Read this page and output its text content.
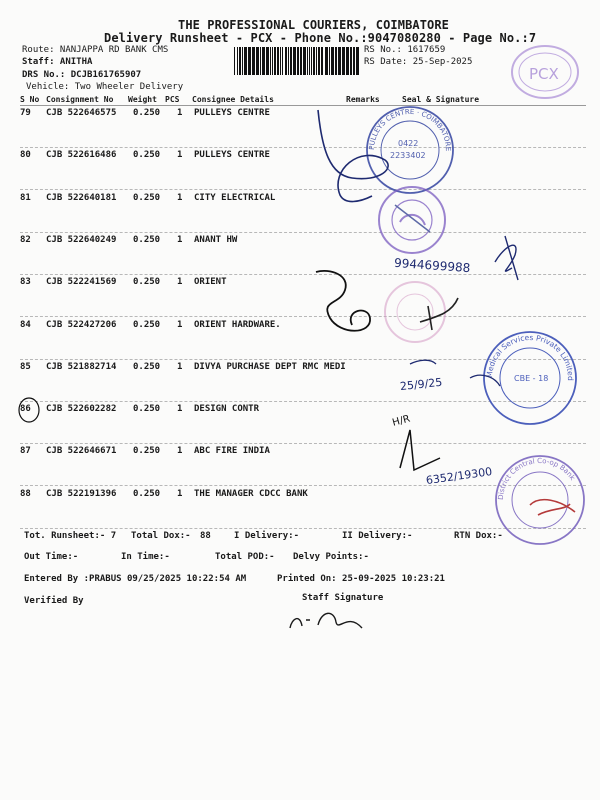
THE PROFESSIONAL COURIERS, COIMBATORE
Delivery Runsheet - PCX - Phone No.:9047080280 - Page No.:7
Route: NANJAPPA RD BANK CMS
Staff: ANITHA
DRS No.: DCJB161765907
Vehicle: Two Wheeler Delivery
RS No.: 1617659
RS Date: 25-Sep-2025
S No Consignment No Weight PCS Consignee Details	Remarks	Seal & Signature
79 CJB 522646575 0.250 1 PULLEYS CENTRE
80 CJB 522616486 0.250 1 PULLEYS CENTRE
81 CJB 522640181 0.250 1 CITY ELECTRICAL
82 CJB 522640249 0.250 1 ANANT HW
83 CJB 522241569 0.250 1 ORIENT
84 CJB 522427206 0.250 1 ORIENT HARDWARE.
85 CJB 521882714 0.250 1 DIVYA PURCHASE DEPT RMC MEDI
86 CJB 522602282 0.250 1 DESIGN CONTR
87 CJB 522646671 0.250 1 ABC FIRE INDIA
88 CJB 522191396 0.250 1 THE MANAGER CDCC BANK
Tot. Runsheet:- 7 Total Dox:- 88	I Delivery:-	II Delivery:-	RTN Dox:-
Out Time:-	In Time:-	Total POD:- Delvy Points:-
Entered By :PRABUS 09/25/2025 10:22:54 AM	Printed On: 25-09-2025 10:23:21
Verified By	Staff Signature
PCX
PULLEYS CENTRE · COIMBATORE
0422
2233402
9944699988
Medical Services Private Limited
CBE - 18
25/9/25
H/R
6352/19300
District Central Co-op Bank
